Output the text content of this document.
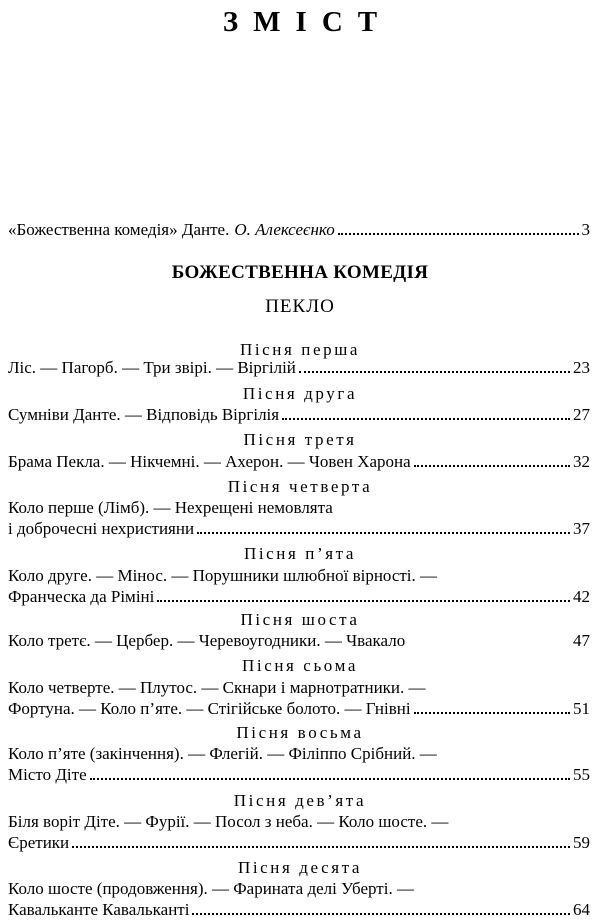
ЗМІСТ
«Божественна комедія» Данте. О. Алексеєнко	3
БОЖЕСТВЕННА КОМЕДІЯ
ПЕКЛО
Пісня перша
Ліс. — Пагорб. — Три звірі. — Віргілій	23
Пісня друга
Сумніви Данте. — Відповідь Віргілія	27
Пісня третя
Брама Пекла. — Нікчемні. — Ахерон. — Човен Харона	32
Пісня четверта
Коло перше (Лімб). — Нехрещені немовлята
і доброчесні нехристияни	37
Пісня п’ята
Коло друге. — Мінос. — Порушники шлюбної вірності. —
Франческа да Ріміні	42
Пісня шоста
Коло третє. — Цербер. — Черевоугодники. — Чвакало	47
Пісня сьома
Коло четверте. — Плутос. — Скнари і марнотратники. —
Фортуна. — Коло п’яте. — Стігійське болото. — Гнівні	51
Пісня восьма
Коло п’яте (закінчення). — Флегій. — Філіппо Срібний. —
Місто Діте	55
Пісня дев’ята
Біля воріт Діте. — Фурії. — Посол з неба. — Коло шосте. —
Єретики	59
Пісня десята
Коло шосте (продовження). — Фарината делі Уберті. —
Кавальканте Кавальканті	64
